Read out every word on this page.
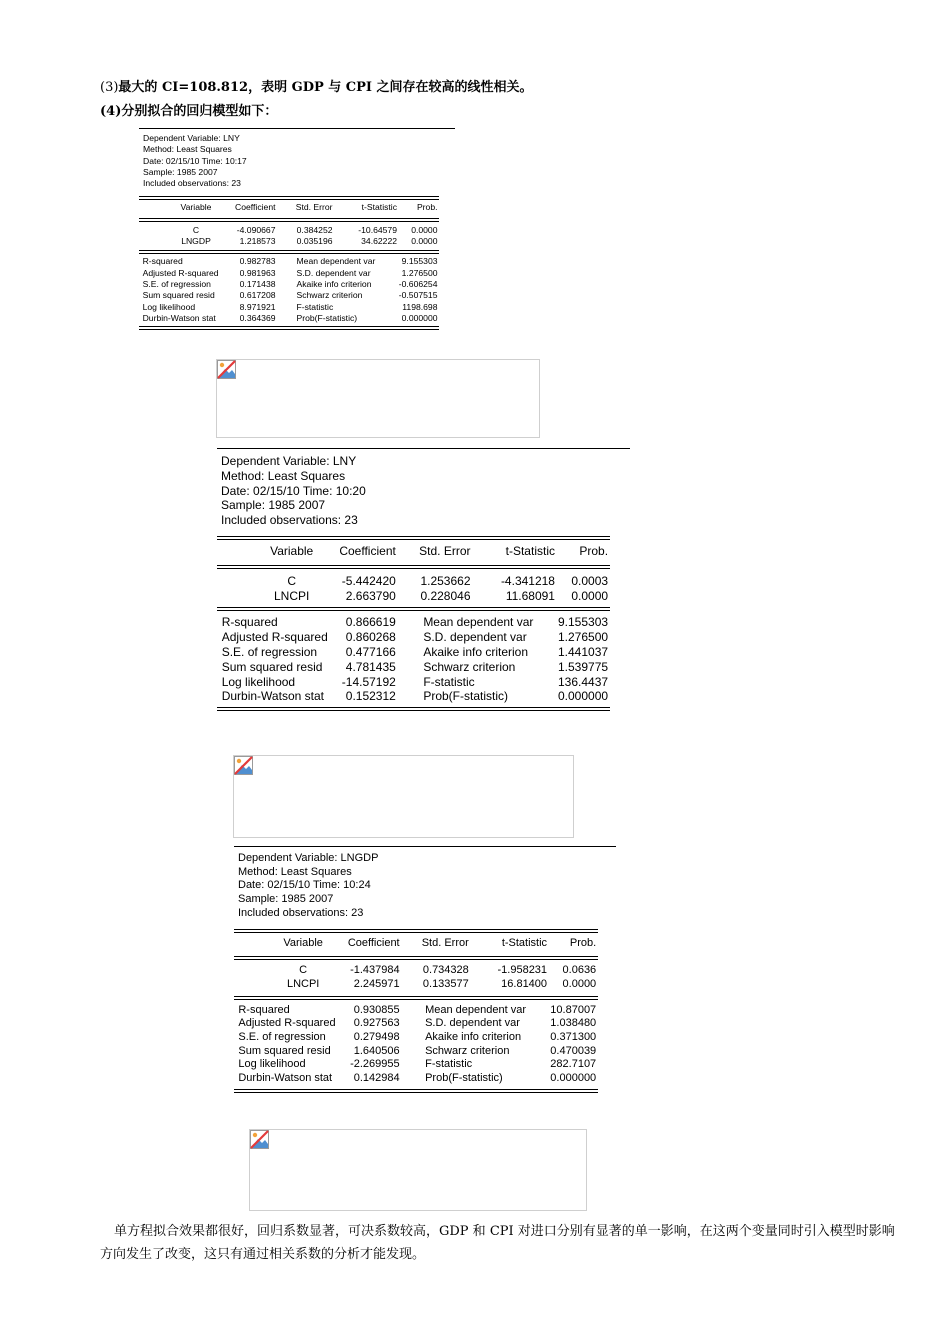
(3)最大的 CI=108.812，表明 GDP 与 CPI 之间存在较高的线性相关。
(4)分别拟合的回归模型如下：
Dependent Variable: LNY
Method: Least Squares
Date: 02/15/10 Time: 10:17
Sample: 1985 2007
Included observations: 23
Variable	Coefficient Std. Error	t-Statistic Prob.
C	-4.090667 0.384252	-10.64579 0.0000
LNGDP	1.218573 0.035196	34.62222 0.0000
R-squared	0.982783 Mean dependent var	9.155303
Adjusted R-squared 0.981963 S.D. dependent var	1.276500
S.E. of regression	0.171438 Akaike info criterion	-0.606254
Sum squared resid	0.617208 Schwarz criterion	-0.507515
Log likelihood	8.971921 F-statistic	1198.698
Durbin-Watson stat	0.364369 Prob(F-statistic)	0.000000
Dependent Variable: LNY
Method: Least Squares
Date: 02/15/10 Time: 10:20
Sample: 1985 2007
Included observations: 23
Variable Coefficient Std. Error	t-Statistic Prob.
C	-5.442420 1.253662	-4.341218 0.0003
LNCPI	2.663790 0.228046	11.68091 0.0000
R-squared	0.866619 Mean dependent var 9.155303
Adjusted R-squared 0.860268 S.D. dependent var	1.276500
S.E. of regression 0.477166 Akaike info criterion 1.441037
Sum squared resid 4.781435 Schwarz criterion	1.539775
Log likelihood	-14.57192 F-statistic	136.4437
Durbin-Watson stat 0.152312 Prob(F-statistic)	0.000000
Dependent Variable: LNGDP
Method: Least Squares
Date: 02/15/10 Time: 10:24
Sample: 1985 2007
Included observations: 23
Variable Coefficient Std. Error	t-Statistic Prob.
C	-1.437984 0.734328	-1.958231 0.0636
LNCPI	2.245971 0.133577	16.81400 0.0000
R-squared	0.930855 Mean dependent var 10.87007
Adjusted R-squared 0.927563 S.D. dependent var	1.038480
S.E. of regression	0.279498 Akaike info criterion	0.371300
Sum squared resid 1.640506 Schwarz criterion	0.470039
Log likelihood	-2.269955 F-statistic	282.7107
Durbin-Watson stat 0.142984 Prob(F-statistic)	0.000000
单方程拟合效果都很好，回归系数显著，可决系数较高，GDP 和 CPI 对进口分别有显著的单一影响，在这两个变量同时引入模型时影响方向发生了改变，这只有通过相关系数的分析才能发现。
